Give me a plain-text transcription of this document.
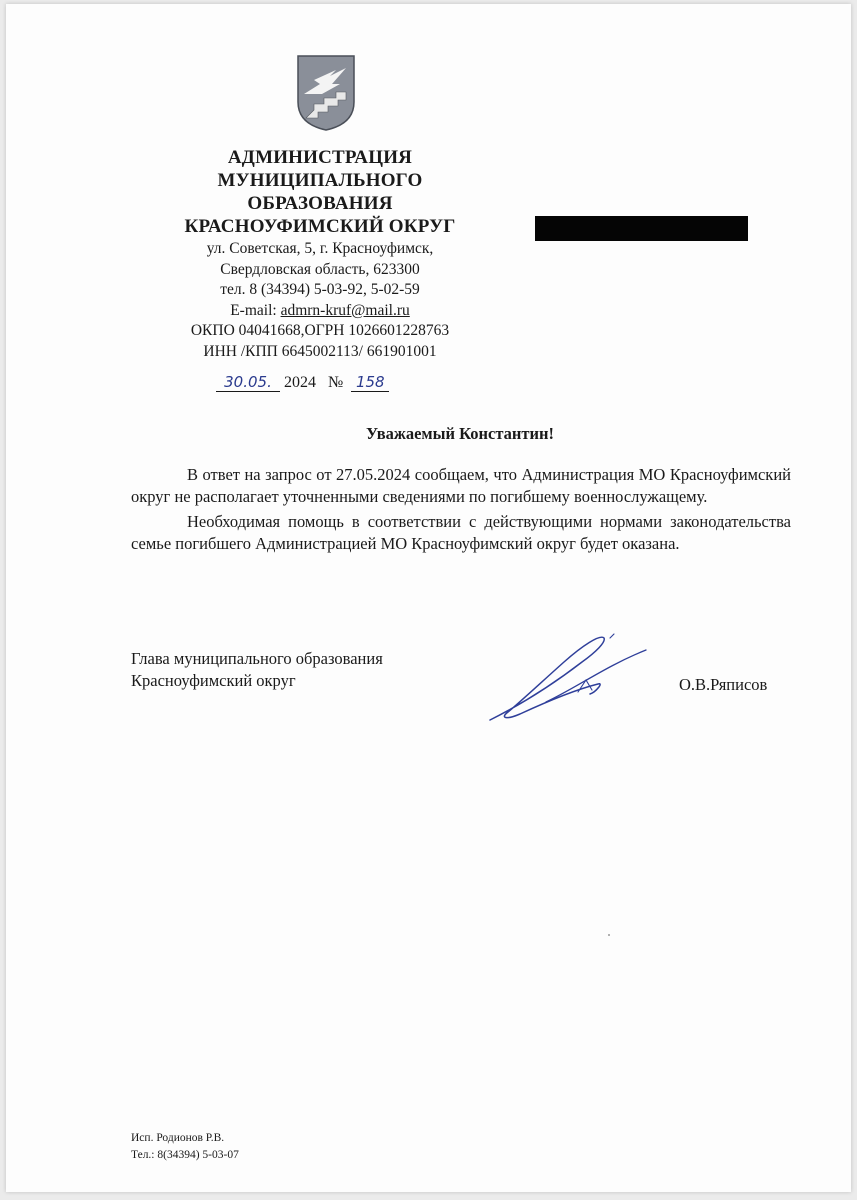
АДМИНИСТРАЦИЯ
МУНИЦИПАЛЬНОГО
ОБРАЗОВАНИЯ
КРАСНОУФИМСКИЙ ОКРУГ
ул. Советская, 5, г. Красноуфимск,
Свердловская область, 623300
тел. 8 (34394) 5-03-92, 5-02-59
E-mail: admrn-kruf@mail.ru
ОКПО 04041668,ОГРН 1026601228763
ИНН /КПП 6645002113/ 661901001
30.05. 2024 № 158
Уважаемый Константин!

В ответ на запрос от 27.05.2024 сообщаем, что Администрация МО Красноуфимский округ не располагает уточненными сведениями по погибшему военнослужащему.

Необходимая помощь в соответствии с действующими нормами законодательства семье погибшего Администрацией МО Красноуфимский округ будет оказана.

Глава муниципального образования
Красноуфимский округ	О.В.Ряписов
Исп. Родионов Р.В.
Тел.: 8(34394) 5-03-07
